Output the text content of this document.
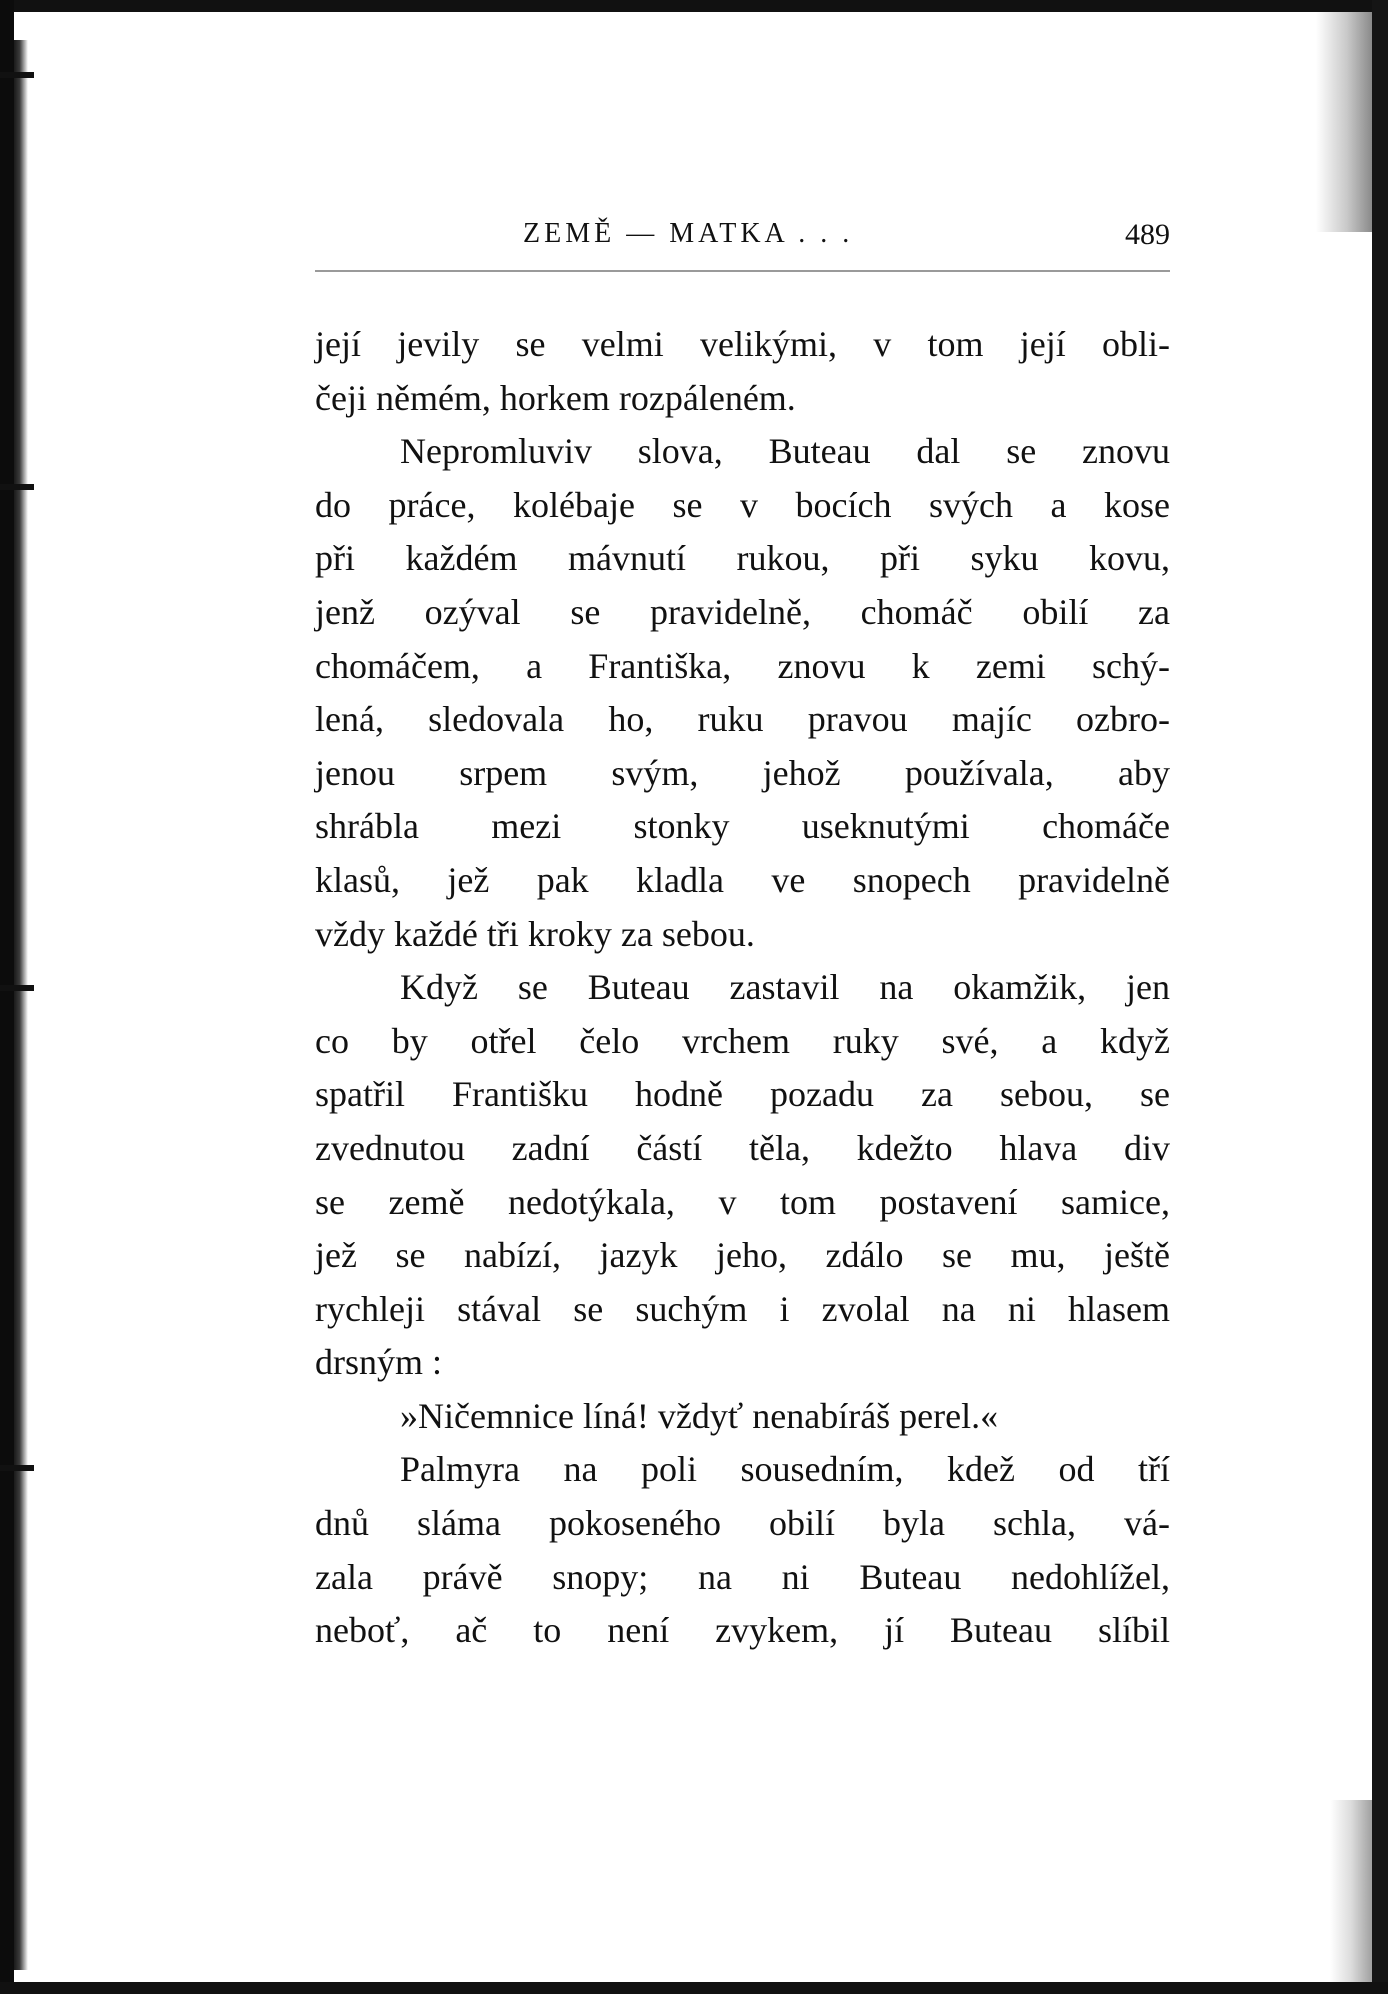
ZEMĚ — MATKA . . .	489
její jevily se velmi velikými, v tom její obli-
čeji němém, horkem rozpáleném.
Nepromluviv slova, Buteau dal se znovu
do práce, kolébaje se v bocích svých a kose
při každém mávnutí rukou, při syku kovu,
jenž ozýval se pravidelně, chomáč obilí za
chomáčem, a Františka, znovu k zemi schý-
lená, sledovala ho, ruku pravou majíc ozbro-
jenou srpem svým, jehož používala, aby
shrábla mezi stonky useknutými chomáče
klasů, jež pak kladla ve snopech pravidelně
vždy každé tři kroky za sebou.
Když se Buteau zastavil na okamžik, jen
co by otřel čelo vrchem ruky své, a když
spatřil Františku hodně pozadu za sebou, se
zvednutou zadní částí těla, kdežto hlava div
se země nedotýkala, v tom postavení samice,
jež se nabízí, jazyk jeho, zdálo se mu, ještě
rychleji stával se suchým i zvolal na ni hlasem
drsným :
»Ničemnice líná! vždyť nenabíráš perel.«
Palmyra na poli sousedním, kdež od tří
dnů sláma pokoseného obilí byla schla, vá-
zala právě snopy; na ni Buteau nedohlížel,
neboť, ač to není zvykem, jí Buteau slíbil
